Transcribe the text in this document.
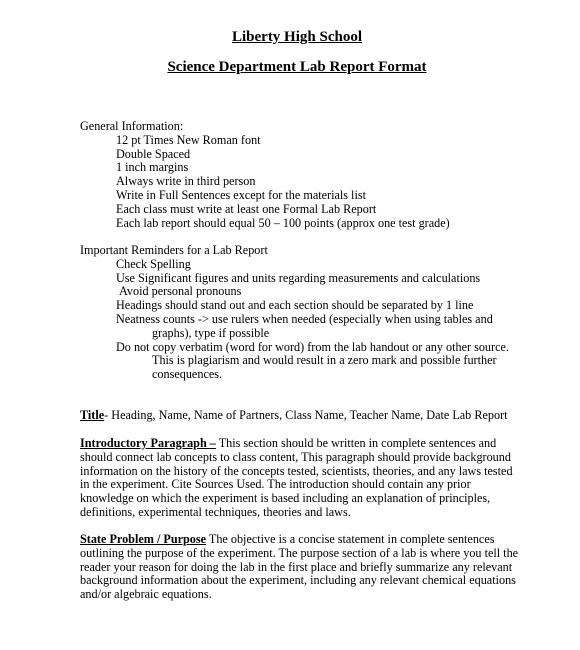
Liberty High School
Science Department Lab Report Format
General Information:
12 pt Times New Roman font
Double Spaced
1 inch margins
Always write in third person
Write in Full Sentences except for the materials list
Each class must write at least one Formal Lab Report
Each lab report should equal 50 – 100 points (approx one test grade)
Important Reminders for a Lab Report
Check Spelling
Use Significant figures and units regarding measurements and calculations
Avoid personal pronouns
Headings should stand out and each section should be separated by 1 line
Neatness counts -> use rulers when needed (especially when using tables and graphs), type if possible
Do not copy verbatim (word for word) from the lab handout or any other source. This is plagiarism and would result in a zero mark and possible further consequences.
Title- Heading, Name, Name of Partners, Class Name, Teacher Name, Date Lab Report
Introductory Paragraph – This section should be written in complete sentences and should connect lab concepts to class content, This paragraph should provide background information on the history of the concepts tested, scientists, theories, and any laws tested in the experiment. Cite Sources Used. The introduction should contain any prior knowledge on which the experiment is based including an explanation of principles, definitions, experimental techniques, theories and laws.
State Problem / Purpose The objective is a concise statement in complete sentences outlining the purpose of the experiment. The purpose section of a lab is where you tell the reader your reason for doing the lab in the first place and briefly summarize any relevant background information about the experiment, including any relevant chemical equations and/or algebraic equations.
